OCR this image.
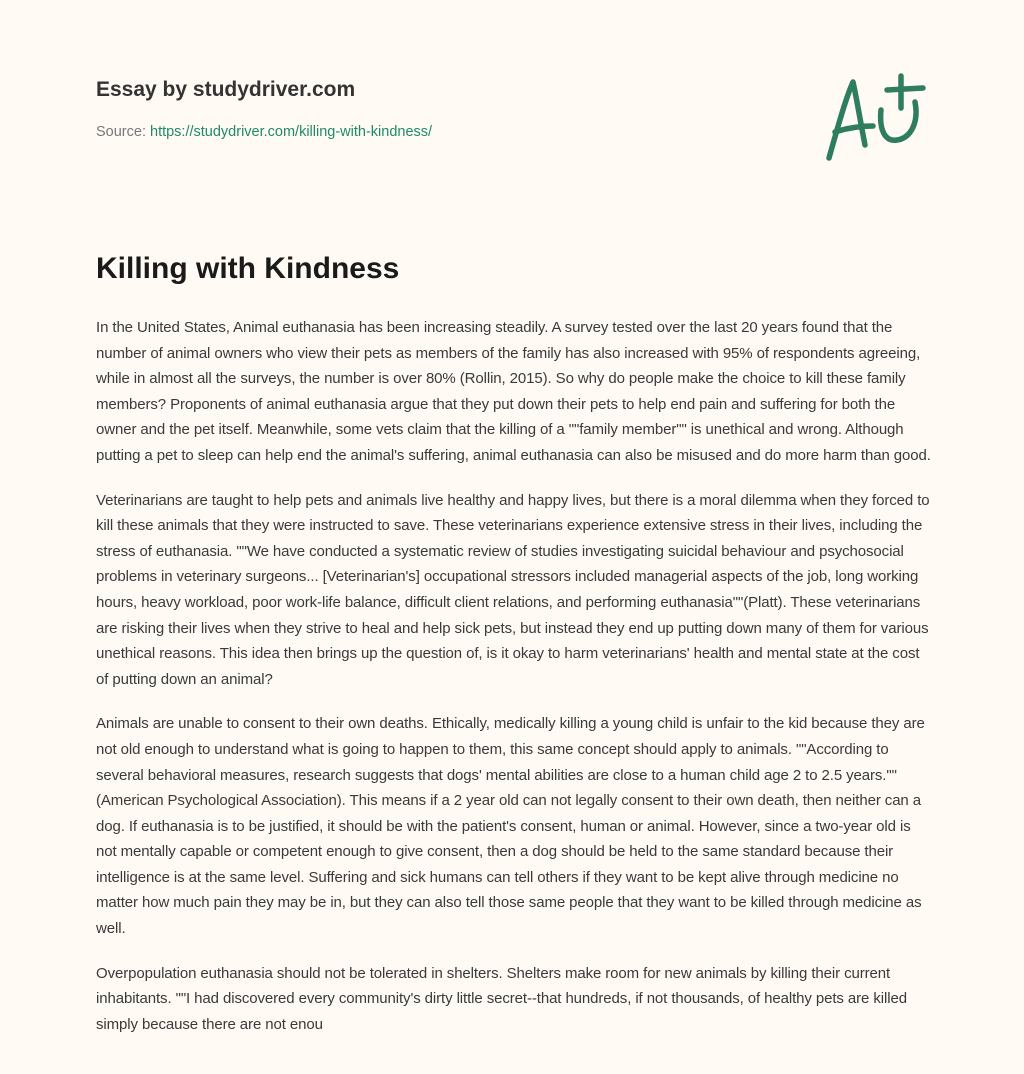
Essay by studydriver.com
Source: https://studydriver.com/killing-with-kindness/
Killing with Kindness

In the United States, Animal euthanasia has been increasing steadily. A survey tested over the last 20 years found that the number of animal owners who view their pets as members of the family has also increased with 95% of respondents agreeing, while in almost all the surveys, the number is over 80% (Rollin, 2015). So why do people make the choice to kill these family members? Proponents of animal euthanasia argue that they put down their pets to help end pain and suffering for both the owner and the pet itself. Meanwhile, some vets claim that the killing of a ""family member"" is unethical and wrong. Although putting a pet to sleep can help end the animal's suffering, animal euthanasia can also be misused and do more harm than good.

Veterinarians are taught to help pets and animals live healthy and happy lives, but there is a moral dilemma when they forced to kill these animals that they were instructed to save. These veterinarians experience extensive stress in their lives, including the stress of euthanasia. ""We have conducted a systematic review of studies investigating suicidal behaviour and psychosocial problems in veterinary surgeons... [Veterinarian's] occupational stressors included managerial aspects of the job, long working hours, heavy workload, poor work-life balance, difficult client relations, and performing euthanasia""(Platt). These veterinarians are risking their lives when they strive to heal and help sick pets, but instead they end up putting down many of them for various unethical reasons. This idea then brings up the question of, is it okay to harm veterinarians' health and mental state at the cost of putting down an animal?

Animals are unable to consent to their own deaths. Ethically, medically killing a young child is unfair to the kid because they are not old enough to understand what is going to happen to them, this same concept should apply to animals. ""According to several behavioral measures, research suggests that dogs' mental abilities are close to a human child age 2 to 2.5 years."" (American Psychological Association). This means if a 2 year old can not legally consent to their own death, then neither can a dog. If euthanasia is to be justified, it should be with the patient's consent, human or animal. However, since a two-year old is not mentally capable or competent enough to give consent, then a dog should be held to the same standard because their intelligence is at the same level. Suffering and sick humans can tell others if they want to be kept alive through medicine no matter how much pain they may be in, but they can also tell those same people that they want to be killed through medicine as well.

Overpopulation euthanasia should not be tolerated in shelters. Shelters make room for new animals by killing their current inhabitants. ""I had discovered every community's dirty little secret--that hundreds, if not thousands, of healthy pets are killed simply because there are not enou
